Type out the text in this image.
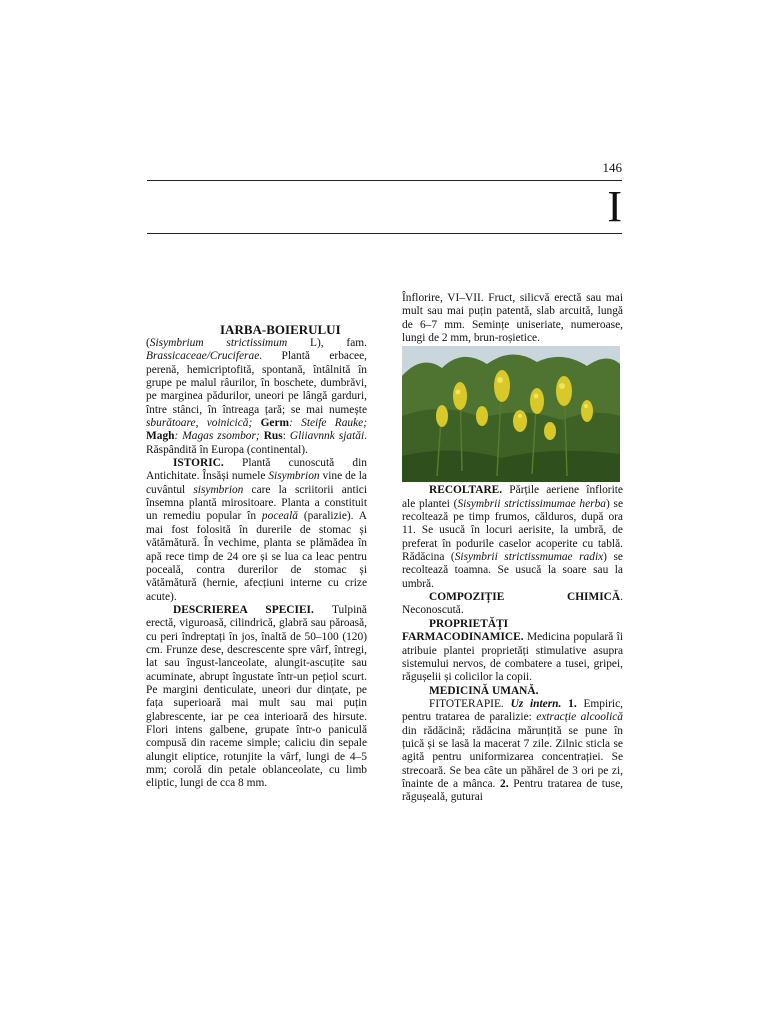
146
I

IARBA-BOIERULUI

(Sisymbrium strictissimum L), fam. Brassicaceae/Cruciferae. Plantă erbacee, perenă, hemicriptofită, spontană, întâlnită în grupe pe malul râurilor, în boschete, dumbrăvi, pe marginea pădurilor, uneori pe lângă garduri, între stânci, în întreaga țară; se mai numește sburătoare, voinicică; Germ: Steife Rauke; Magh: Magas zsombor; Rus: Gliiavnnk sjatăi. Răspândită în Europa (continental).

ISTORIC. Plantă cunoscută din Antichitate. Însăși numele Sisymbrion vine de la cuvântul sisymbrion care la scriitorii antici însemna plantă mirositoare. Planta a constituit un remediu popular în poceală (paralizie). A mai fost folosită în durerile de stomac și vătămătură. În vechime, planta se plămădea în apă rece timp de 24 ore și se lua ca leac pentru poceală, contra durerilor de stomac și vătămătură (hernie, afecțiuni interne cu crize acute).

DESCRIEREA SPECIEI. Tulpină erectă, viguroasă, cilindrică, glabră sau păroasă, cu peri îndreptați în jos, înaltă de 50–100 (120) cm. Frunze dese, descrescente spre vârf, întregi, lat sau îngust-lanceolate, alungit-ascuțite sau acuminate, abrupt îngustate într-un pețiol scurt. Pe margini denticulate, uneori dur dințate, pe fața superioară mai mult sau mai puțin glabrescente, iar pe cea interioară des hirsute. Flori intens galbene, grupate într-o paniculă compusă din raceme simple; caliciu din sepale alungit eliptice, rotunjite la vârf, lungi de 4–5 mm; corolă din petale oblanceolate, cu limb eliptic, lungi de cca 8 mm.

Înflorire, VI–VII. Fruct, silicvă erectă sau mai mult sau mai puțin patentă, slab arcuită, lungă de 6–7 mm. Semințe uniseriate, numeroase, lungi de 2 mm, brun-roșietice.

RECOLTARE. Părțile aeriene înflorite ale plantei (Sisymbrii strictissimumae herba) se recoltează pe timp frumos, călduros, după ora 11. Se usucă în locuri aerisite, la umbră, de preferat în podurile caselor acoperite cu tablă. Rădăcina (Sisymbrii strictissmumae radix) se recoltează toamna. Se usucă la soare sau la umbră.

COMPOZIȚIE CHIMICĂ. Neconoscută.

PROPRIETĂȚI FARMACODINAMICE. Medicina populară îi atribuie plantei proprietăți stimulative asupra sistemului nervos, de combatere a tusei, gripei, răgușelii și colicilor la copii.

MEDICINĂ UMANĂ.

FITOTERAPIE. Uz intern. 1. Empiric, pentru tratarea de paralizie: extracție alcoolică din rădăcină; rădăcina mărunțită se pune în țuică și se lasă la macerat 7 zile. Zilnic sticla se agită pentru uniformizarea concentrației. Se strecoară. Se bea câte un păhărel de 3 ori pe zi, înainte de a mânca. 2. Pentru tratarea de tuse, răgușeală, guturai
